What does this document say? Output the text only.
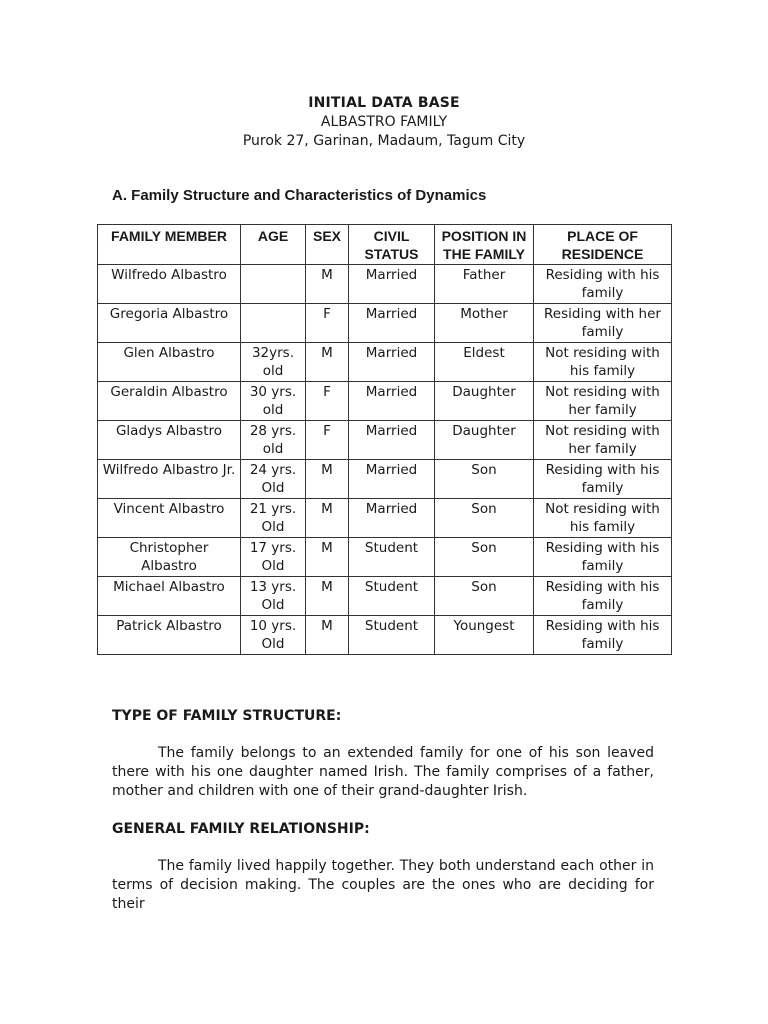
INITIAL DATA BASE
ALBASTRO FAMILY
Purok 27, Garinan, Madaum, Tagum City
A. Family Structure and Characteristics of Dynamics
FAMILY MEMBER	AGE	SEX	CIVIL STATUS	POSITION IN THE FAMILY	PLACE OF RESIDENCE
Wilfredo Albastro		M	Married	Father	Residing with his family
Gregoria Albastro		F	Married	Mother	Residing with her family
Glen Albastro	32yrs. old	M	Married	Eldest	Not residing with his family
Geraldin Albastro	30 yrs. old	F	Married	Daughter	Not residing with her family
Gladys Albastro	28 yrs. old	F	Married	Daughter	Not residing with her family
Wilfredo Albastro Jr.	24 yrs. Old	M	Married	Son	Residing with his family
Vincent Albastro	21 yrs. Old	M	Married	Son	Not residing with his family
Christopher Albastro	17 yrs. Old	M	Student	Son	Residing with his family
Michael Albastro	13 yrs. Old	M	Student	Son	Residing with his family
Patrick Albastro	10 yrs. Old	M	Student	Youngest	Residing with his family
TYPE OF FAMILY STRUCTURE:

The family belongs to an extended family for one of his son leaved there with his one daughter named Irish. The family comprises of a father, mother and children with one of their grand-daughter Irish.

GENERAL FAMILY RELATIONSHIP:

The family lived happily together. They both understand each other in terms of decision making. The couples are the ones who are deciding for their
